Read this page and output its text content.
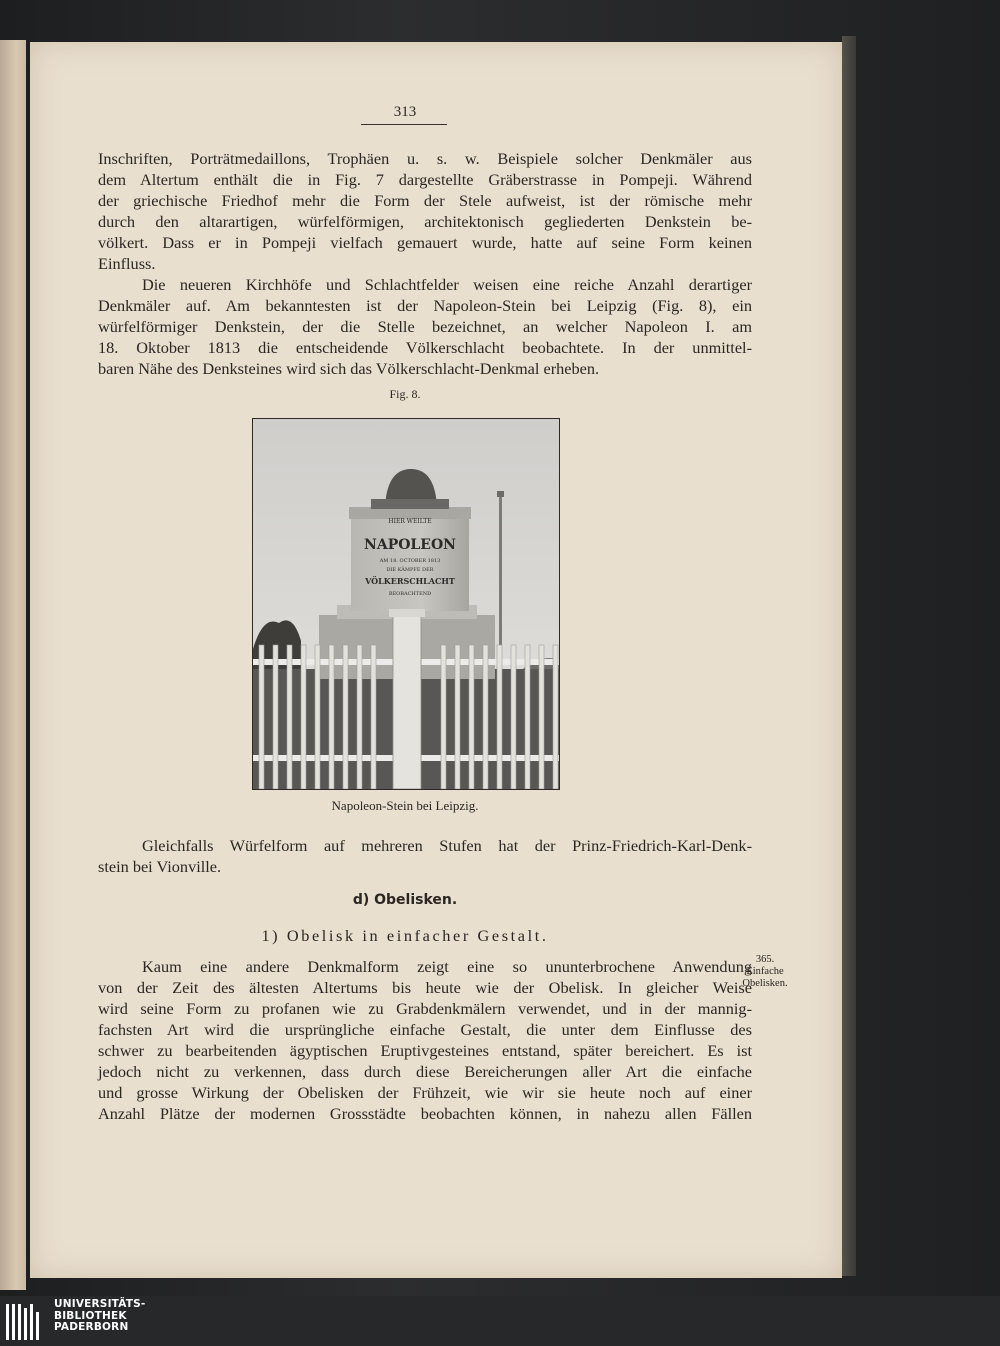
313

Inschriften, Porträtmedaillons, Trophäen u. s. w. Beispiele solcher Denkmäler aus

dem Altertum enthält die in Fig. 7 dargestellte Gräberstrasse in Pompeji. Während

der griechische Friedhof mehr die Form der Stele aufweist, ist der römische mehr

durch den altarartigen, würfelförmigen, architektonisch gegliederten Denkstein be-

völkert. Dass er in Pompeji vielfach gemauert wurde, hatte auf seine Form keinen

Einfluss.

Die neueren Kirchhöfe und Schlachtfelder weisen eine reiche Anzahl derartiger

Denkmäler auf. Am bekanntesten ist der Napoleon-Stein bei Leipzig (Fig. 8), ein

würfelförmiger Denkstein, der die Stelle bezeichnet, an welcher Napoleon I. am

18. Oktober 1813 die entscheidende Völkerschlacht beobachtete. In der unmittel-

baren Nähe des Denksteines wird sich das Völkerschlacht-Denkmal erheben.

Fig. 8.
HIER WEILTE
NAPOLEON
AM 18. OCTOBER 1813
DIE KÄMPFE DER
VÖLKERSCHLACHT
BEOBACHTEND
Napoleon-Stein bei Leipzig.

Gleichfalls Würfelform auf mehreren Stufen hat der Prinz-Friedrich-Karl-Denk-

stein bei Vionville.

d) Obelisken.
1) Obelisk in einfacher Gestalt.
365.
Einfache
Obelisken.

Kaum eine andere Denkmalform zeigt eine so ununterbrochene Anwendung

von der Zeit des ältesten Altertums bis heute wie der Obelisk. In gleicher Weise

wird seine Form zu profanen wie zu Grabdenkmälern verwendet, und in der mannig-

fachsten Art wird die ursprüngliche einfache Gestalt, die unter dem Einflusse des

schwer zu bearbeitenden ägyptischen Eruptivgesteines entstand, später bereichert. Es ist

jedoch nicht zu verkennen, dass durch diese Bereicherungen aller Art die einfache

und grosse Wirkung der Obelisken der Frühzeit, wie wir sie heute noch auf einer

Anzahl Plätze der modernen Grossstädte beobachten können, in nahezu allen Fällen

UNIVERSITÄTS-
BIBLIOTHEK
PADERBORN
